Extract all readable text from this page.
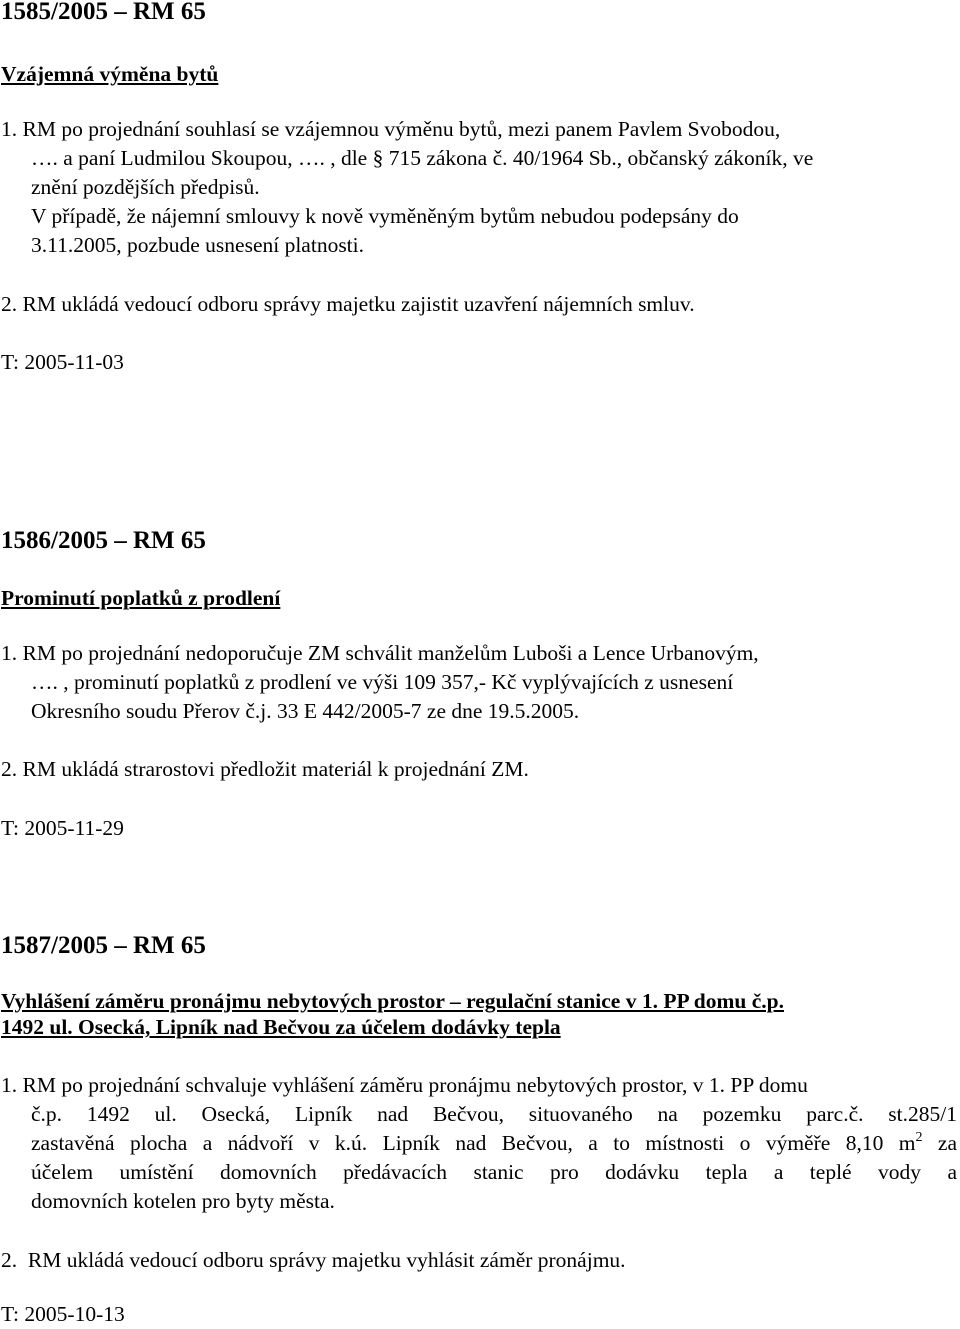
1585/2005 – RM 65
Vzájemná výměna bytů
1. RM po projednání souhlasí se vzájemnou výměnu bytů, mezi panem Pavlem Svobodou,
…. a paní Ludmilou Skoupou, …. , dle § 715 zákona č. 40/1964 Sb., občanský zákoník, ve
znění pozdějších předpisů.
V případě, že nájemní smlouvy k nově vyměněným bytům nebudou podepsány do
3.11.2005, pozbude usnesení platnosti.
2. RM ukládá vedoucí odboru správy majetku zajistit uzavření nájemních smluv.
T: 2005-11-03
1586/2005 – RM 65
Prominutí poplatků z prodlení
1. RM po projednání nedoporučuje ZM schválit manželům Luboši a Lence Urbanovým,
…. , prominutí poplatků z prodlení ve výši 109 357,- Kč vyplývajících z usnesení
Okresního soudu Přerov č.j. 33 E 442/2005-7 ze dne 19.5.2005.
2. RM ukládá strarostovi předložit materiál k projednání ZM.
T: 2005-11-29
1587/2005 – RM 65
Vyhlášení záměru pronájmu nebytových prostor – regulační stanice v 1. PP domu č.p.
1492 ul. Osecká, Lipník nad Bečvou za účelem dodávky tepla
1. RM po projednání schvaluje vyhlášení záměru pronájmu nebytových prostor, v 1. PP domu
č.p. 1492 ul. Osecká, Lipník nad Bečvou, situovaného na pozemku parc.č. st.285/1
zastavěná plocha a nádvoří v k.ú. Lipník nad Bečvou, a to místnosti o výměře 8,10 $m^2$ za
účelem umístění domovních předávacích stanic pro dodávku tepla a teplé vody a
domovních kotelen pro byty města.
2. RM ukládá vedoucí odboru správy majetku vyhlásit záměr pronájmu.
T: 2005-10-13
